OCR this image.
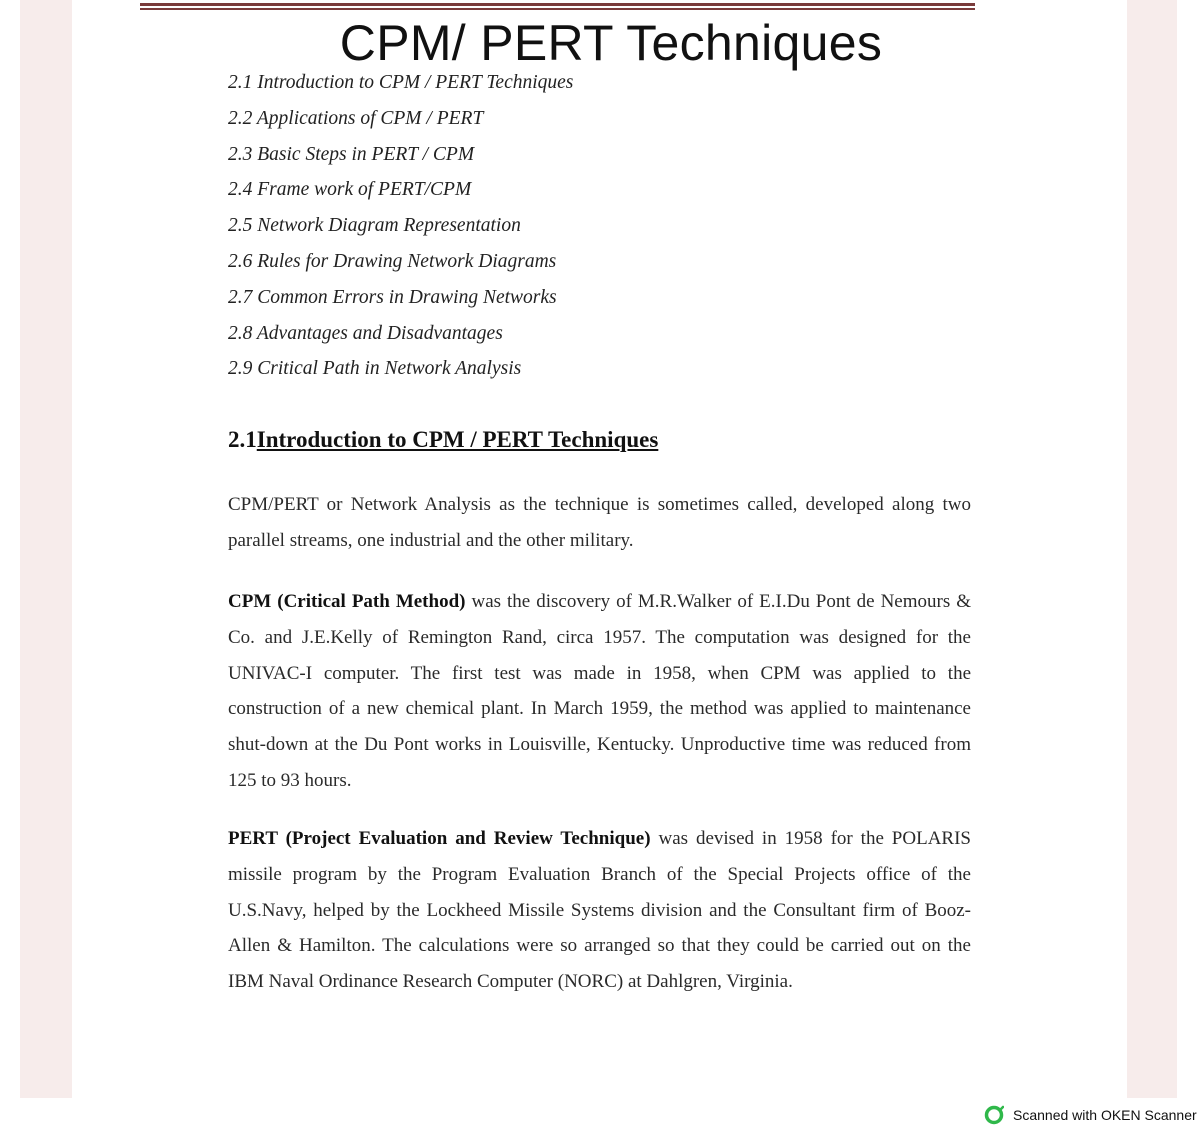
CPM/ PERT Techniques
2.1 Introduction to CPM / PERT Techniques
2.2 Applications of CPM / PERT
2.3 Basic Steps in PERT / CPM
2.4 Frame work of PERT/CPM
2.5 Network Diagram Representation
2.6 Rules for Drawing Network Diagrams
2.7 Common Errors in Drawing Networks
2.8 Advantages and Disadvantages
2.9 Critical Path in Network Analysis
2.1Introduction to CPM / PERT Techniques

CPM/PERT or Network Analysis as the technique is sometimes called, developed along two parallel streams, one industrial and the other military.

CPM (Critical Path Method) was the discovery of M.R.Walker of E.I.Du Pont de Nemours & Co. and J.E.Kelly of Remington Rand, circa 1957. The computation was designed for the UNIVAC-I computer. The first test was made in 1958, when CPM was applied to the construction of a new chemical plant. In March 1959, the method was applied to maintenance shut-down at the Du Pont works in Louisville, Kentucky. Unproductive time was reduced from 125 to 93 hours.

PERT (Project Evaluation and Review Technique) was devised in 1958 for the POLARIS missile program by the Program Evaluation Branch of the Special Projects office of the U.S.Navy, helped by the Lockheed Missile Systems division and the Consultant firm of Booz-Allen & Hamilton. The calculations were so arranged so that they could be carried out on the IBM Naval Ordinance Research Computer (NORC) at Dahlgren, Virginia.

Scanned with OKEN Scanner
